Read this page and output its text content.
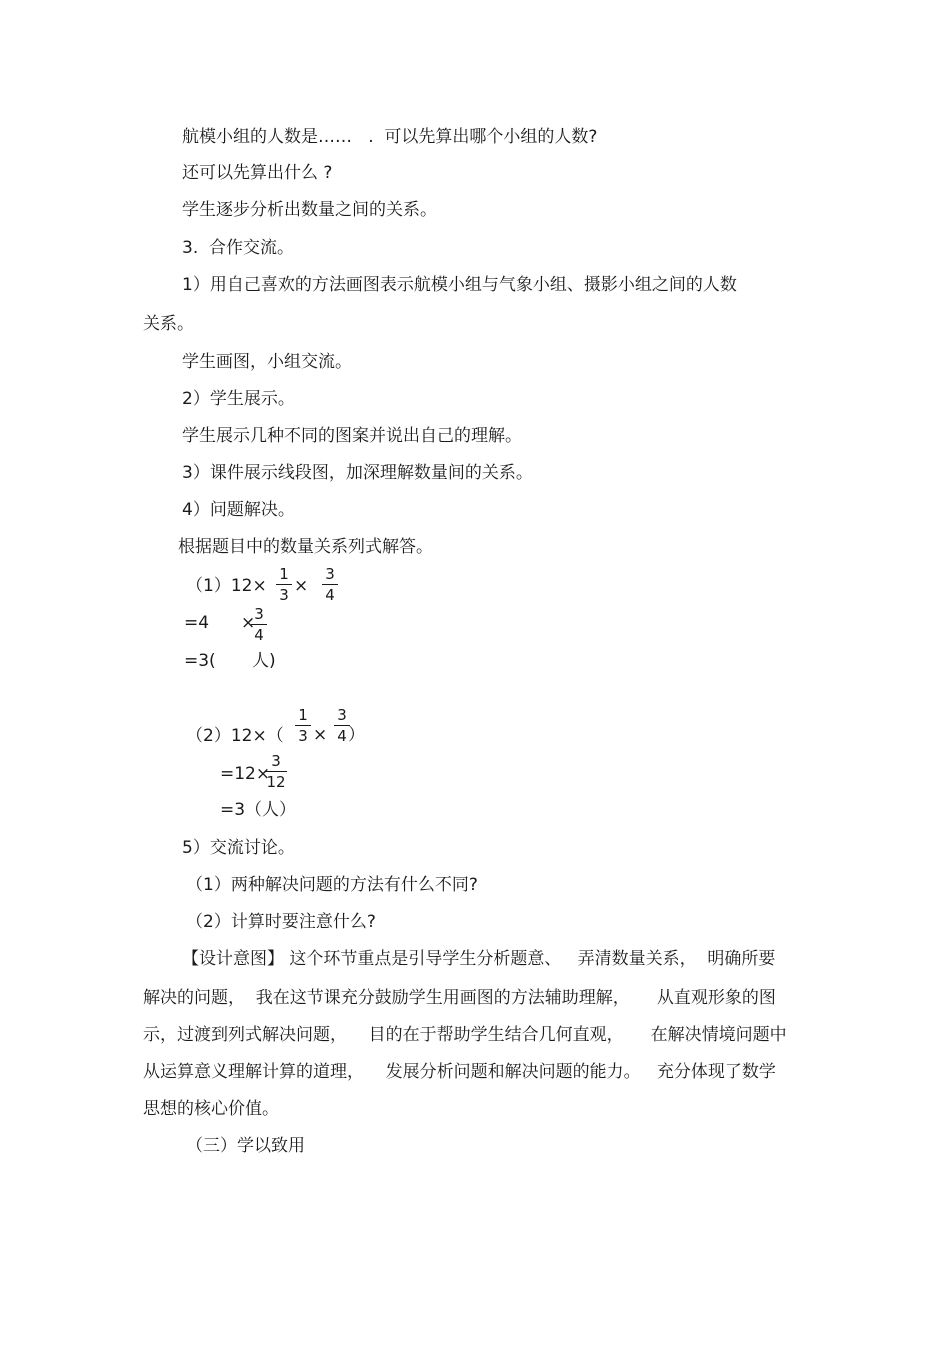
航模小组的人数是……   .  可以先算出哪个小组的人数?
还可以先算出什么 ?
学生逐步分析出数量之间的关系。
3.  合作交流。
1）用自己喜欢的方法画图表示航模小组与气象小组、摄影小组之间的人数
关系。
学生画图，小组交流。
2）学生展示。
学生展示几种不同的图案并说出自己的理解。
3）课件展示线段图，加深理解数量间的关系。
4）问题解决。
根据题目中的数量关系列式解答。
（1）12×
1
3 ×
3
4
=4 ×
3
4
=3( 人)
（2）12×（
1
3 ×
3
4 ）
=12×
3
12
=3（人）
5）交流讨论。
（1）两种解决问题的方法有什么不同?
（2）计算时要注意什么?
【设计意图】 这个环节重点是引导学生分析题意、   弄清数量关系，  明确所要
解决的问题，  我在这节课充分鼓励学生用画图的方法辅助理解，     从直观形象的图
示，过渡到列式解决问题，    目的在于帮助学生结合几何直观，     在解决情境问题中
从运算意义理解计算的道理，    发展分析问题和解决问题的能力。   充分体现了数学
思想的核心价值。
（三）学以致用
